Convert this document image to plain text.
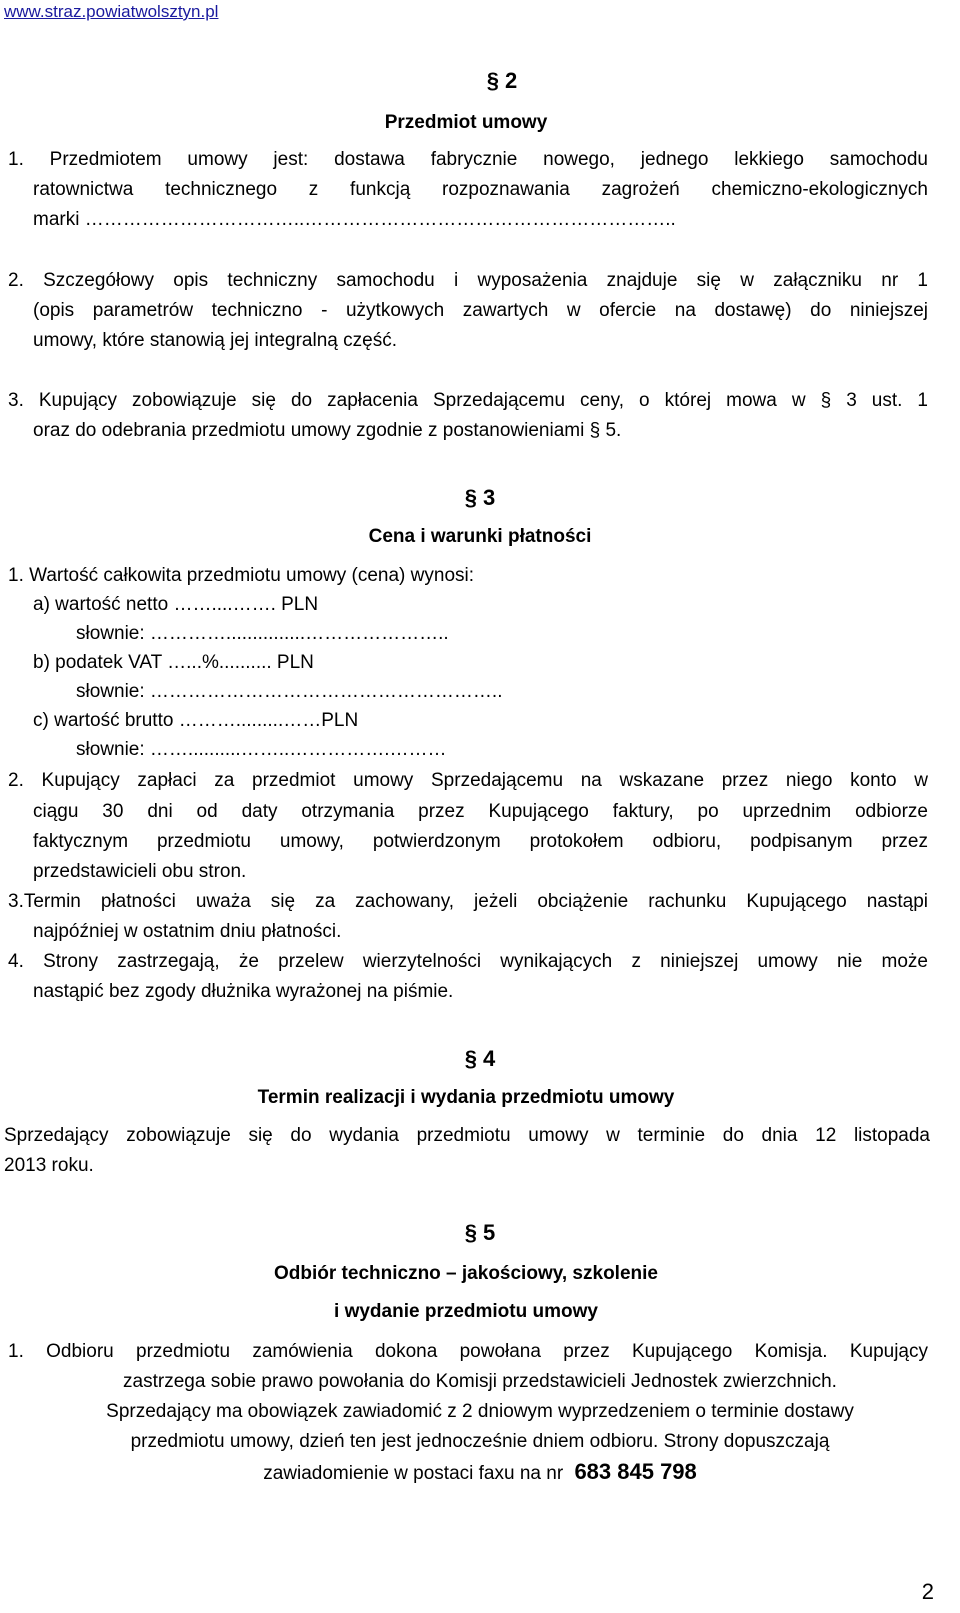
www.straz.powiatwolsztyn.pl
§ 2
Przedmiot umowy
1. Przedmiotem umowy jest: dostawa fabrycznie nowego, jednego lekkiego samochodu
ratownictwa technicznego z funkcją rozpoznawania zagrożeń chemiczno-ekologicznych
marki ……………………………..…………………………………………………..
2. Szczegółowy opis techniczny samochodu i wyposażenia znajduje się w załączniku nr 1
(opis parametrów techniczno - użytkowych zawartych w ofercie na dostawę) do niniejszej
umowy, które stanowią jej integralną część.
3. Kupujący zobowiązuje się do zapłacenia Sprzedającemu ceny, o której mowa w § 3 ust. 1
oraz do odebrania przedmiotu umowy zgodnie z postanowieniami § 5.
§ 3
Cena i warunki płatności
1. Wartość całkowita przedmiotu umowy (cena) wynosi:
a) wartość netto ……....……. PLN
słownie: …………...............…………………..
b) podatek VAT …...%.......... PLN
słownie: ………………………………………………..
c) wartość brutto ……….........……PLN
słownie: ……..........……..…………….………
2. Kupujący zapłaci za przedmiot umowy Sprzedającemu na wskazane przez niego konto w
ciągu 30 dni od daty otrzymania przez Kupującego faktury, po uprzednim odbiorze
faktycznym przedmiotu umowy, potwierdzonym protokołem odbioru, podpisanym przez
przedstawicieli obu stron.
3.Termin płatności uważa się za zachowany, jeżeli obciążenie rachunku Kupującego nastąpi
najpóźniej w ostatnim dniu płatności.
4. Strony zastrzegają, że przelew wierzytelności wynikających z niniejszej umowy nie może
nastąpić bez zgody dłużnika wyrażonej na piśmie.
§ 4
Termin realizacji i wydania przedmiotu umowy
Sprzedający zobowiązuje się do wydania przedmiotu umowy w terminie do dnia 12 listopada
2013 roku.
§ 5
Odbiór techniczno – jakościowy, szkolenie
i wydanie przedmiotu umowy
1. Odbioru przedmiotu zamówienia dokona powołana przez Kupującego Komisja. Kupujący
zastrzega sobie prawo powołania do Komisji przedstawicieli Jednostek zwierzchnich.
Sprzedający ma obowiązek zawiadomić z 2 dniowym wyprzedzeniem o terminie dostawy
przedmiotu umowy, dzień ten jest jednocześnie dniem odbioru. Strony dopuszczają
zawiadomienie w postaci faxu na nr 683 845 798
2
